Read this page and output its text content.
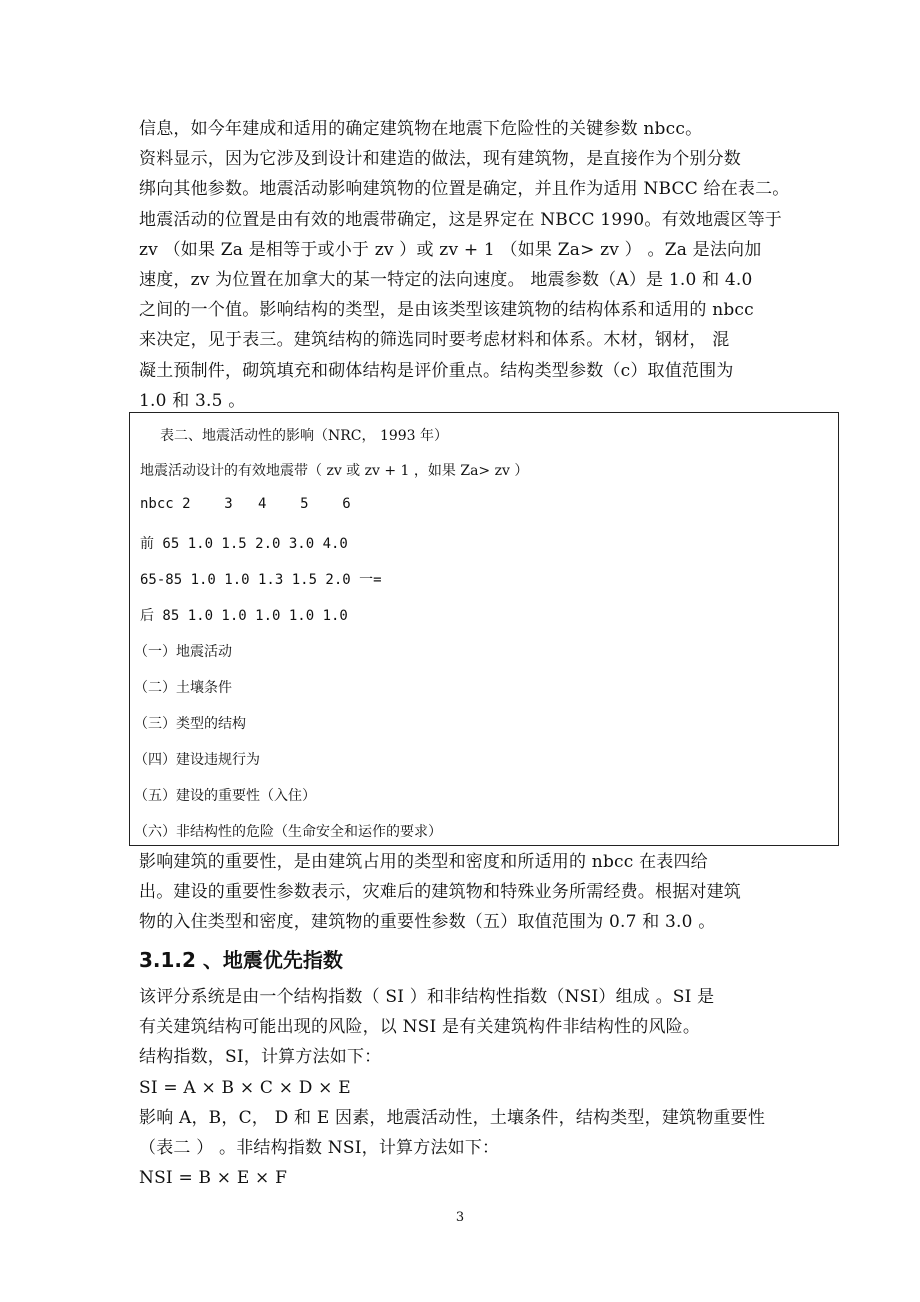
信息，如今年建成和适用的确定建筑物在地震下危险性的关键参数 nbcc。
资料显示，因为它涉及到设计和建造的做法，现有建筑物，是直接作为个别分数
绑向其他参数。地震活动影响建筑物的位置是确定，并且作为适用 NBCC 给在表二。
地震活动的位置是由有效的地震带确定，这是界定在 NBCC 1990。有效地震区等于
zv （如果 Za 是相等于或小于 zv ）或 zv + 1 （如果 Za> zv ） 。Za 是法向加
速度，zv 为位置在加拿大的某一特定的法向速度。 地震参数（A）是 1.0 和 4.0
之间的一个值。影响结构的类型，是由该类型该建筑物的结构体系和适用的 nbcc
来决定，见于表三。建筑结构的筛选同时要考虑材料和体系。木材，钢材， 混
凝土预制件，砌筑填充和砌体结构是评价重点。结构类型参数（c）取值范围为
1.0 和 3.5 。
表二、地震活动性的影响（NRC， 1993 年）
地震活动设计的有效地震带（ zv 或 zv + 1 ，如果 Za> zv ）
nbcc 2    3   4    5    6
前 65 1.0 1.5 2.0 3.0 4.0
65-85 1.0 1.0 1.3 1.5 2.0 一=
后 85 1.0 1.0 1.0 1.0 1.0
（一）地震活动
（二）土壤条件
（三）类型的结构
（四）建设违规行为
（五）建设的重要性（入住）
（六）非结构性的危险（生命安全和运作的要求）
影响建筑的重要性，是由建筑占用的类型和密度和所适用的 nbcc 在表四给
出。建设的重要性参数表示，灾难后的建筑物和特殊业务所需经费。根据对建筑
物的入住类型和密度，建筑物的重要性参数（五）取值范围为 0.7 和 3.0 。
3.1.2 、地震优先指数
该评分系统是由一个结构指数（ SI ）和非结构性指数（NSI）组成 。SI 是
有关建筑结构可能出现的风险，以 NSI 是有关建筑构件非结构性的风险。
结构指数，SI，计算方法如下：
SI = A × B × C × D × E
影响 A，B，C， D 和 E 因素，地震活动性，土壤条件，结构类型，建筑物重要性
（表二 ） 。非结构指数 NSI，计算方法如下：
NSI = B × E × F
3
